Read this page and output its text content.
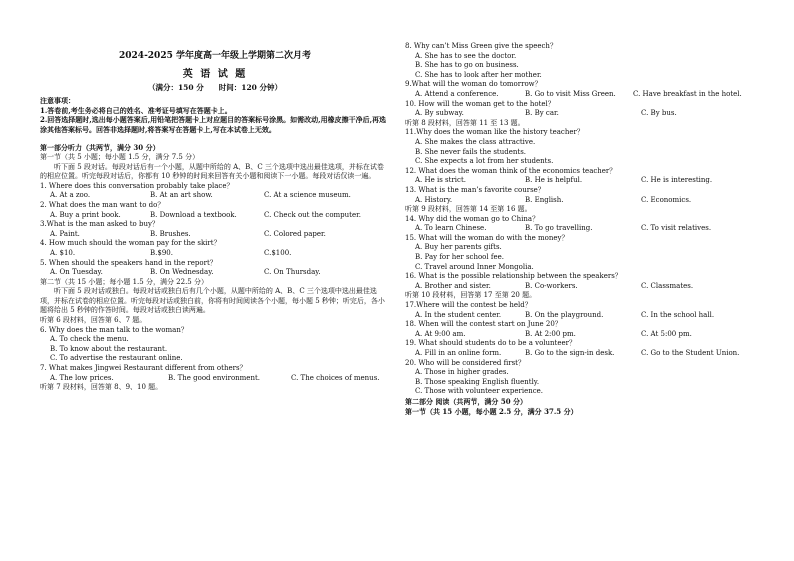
2024-2025 学年度高一年级上学期第二次月考
英 语 试 题
（满分：150 分　　时间：120 分钟）
注意事项：
1.答卷前,考生务必将自己的姓名、准考证号填写在答题卡上。
2.回答选择题时,选出每小题答案后,用铅笔把答题卡上对应题目的答案标号涂黑。如需改动,用橡皮擦干净后,再选涂其他答案标号。回答非选择题时,将答案写在答题卡上,写在本试卷上无效。
第一部分听力（共两节，满分 30 分）
第一节（共 5 小题；每小题 1.5 分，满分 7.5 分）
听下面 5 段对话。每段对话后有一个小题，从题中所给的 A、B、C 三个选项中选出最佳选项，并标在试卷的相应位置。听完每段对话后，你都有 10 秒钟的时间来回答有关小题和阅读下一小题。每段对话仅读一遍。
1. Where does this conversation probably take place？
A. At a zoo.	B. At an art show.	C. At a science museum.
2. What does the man want to do？
A. Buy a print book.	B. Download a textbook.	C. Check out the computer.
3.What is the man asked to buy？
A. Paint.	B. Brushes.	C. Colored paper.
4. How much should the woman pay for the skirt？
A. $10.	B.$90.	C.$100.
5. When should the speakers hand in the report？
A. On Tuesday.	B. On Wednesday.	C. On Thursday.
第二节（共 15 小题；每小题 1.5 分，满分 22.5 分）
听下面 5 段对话或独白。每段对话或独白后有几个小题，从题中所给的 A、B、C 三个选项中选出最佳选项，并标在试卷的相应位置。听完每段对话或独白前，你将有时间阅读各个小题，每小题 5 秒钟；听完后，各小题将给出 5 秒钟的作答时间。每段对话或独白读两遍。
听第 6 段材料，回答第 6、7 题。
6. Why does the man talk to the woman？
A. To check the menu.
B. To know about the restaurant.
C. To advertise the restaurant online.
7. What makes Jingwei Restaurant different from others？
A. The low prices.	B. The good environment.	C. The choices of menus.
听第 7 段材料，回答第 8、9、10 题。
8. Why can’t Miss Green give the speech？
A. She has to see the doctor.
B. She has to go on business.
C. She has to look after her mother.
9.What will the woman do tomorrow？
A. Attend a conference.	B. Go to visit Miss Green.	C. Have breakfast in the hotel.
10. How will the woman get to the hotel？
A. By subway.	B. By car.	C. By bus.
听第 8 段材料，回答第 11 至 13 题。
11.Why does the woman like the history teacher？
A. She makes the class attractive.
B. She never fails the students.
C. She expects a lot from her students.
12. What does the woman think of the economics teacher？
A. He is strict.	B. He is helpful.	C. He is interesting.
13. What is the man’s favorite course？
A. History.	B. English.	C. Economics.
听第 9 段材料，回答第 14 至第 16 题。
14. Why did the woman go to China？
A. To learn Chinese.	B. To go travelling.	C. To visit relatives.
15. What will the woman do with the money？
A. Buy her parents gifts.
B. Pay for her school fee.
C. Travel around Inner Mongolia.
16. What is the possible relationship between the speakers？
A. Brother and sister.	B. Co-workers.	C. Classmates.
听第 10 段材料，回答第 17 至第 20 题。
17.Where will the contest be held？
A. In the student center.	B. On the playground.	C. In the school hall.
18. When will the contest start on June 20？
A. At 9:00 am.	B. At 2:00 pm.	C. At 5:00 pm.
19. What should students do to be a volunteer？
A. Fill in an online form.	B. Go to the sign-in desk.	C. Go to the Student Union.
20. Who will be considered first？
A. Those in higher grades.
B. Those speaking English fluently.
C. Those with volunteer experience.
第二部分 阅读（共两节，满分 50 分）
第一节（共 15 小题，每小题 2.5 分，满分 37.5 分）
